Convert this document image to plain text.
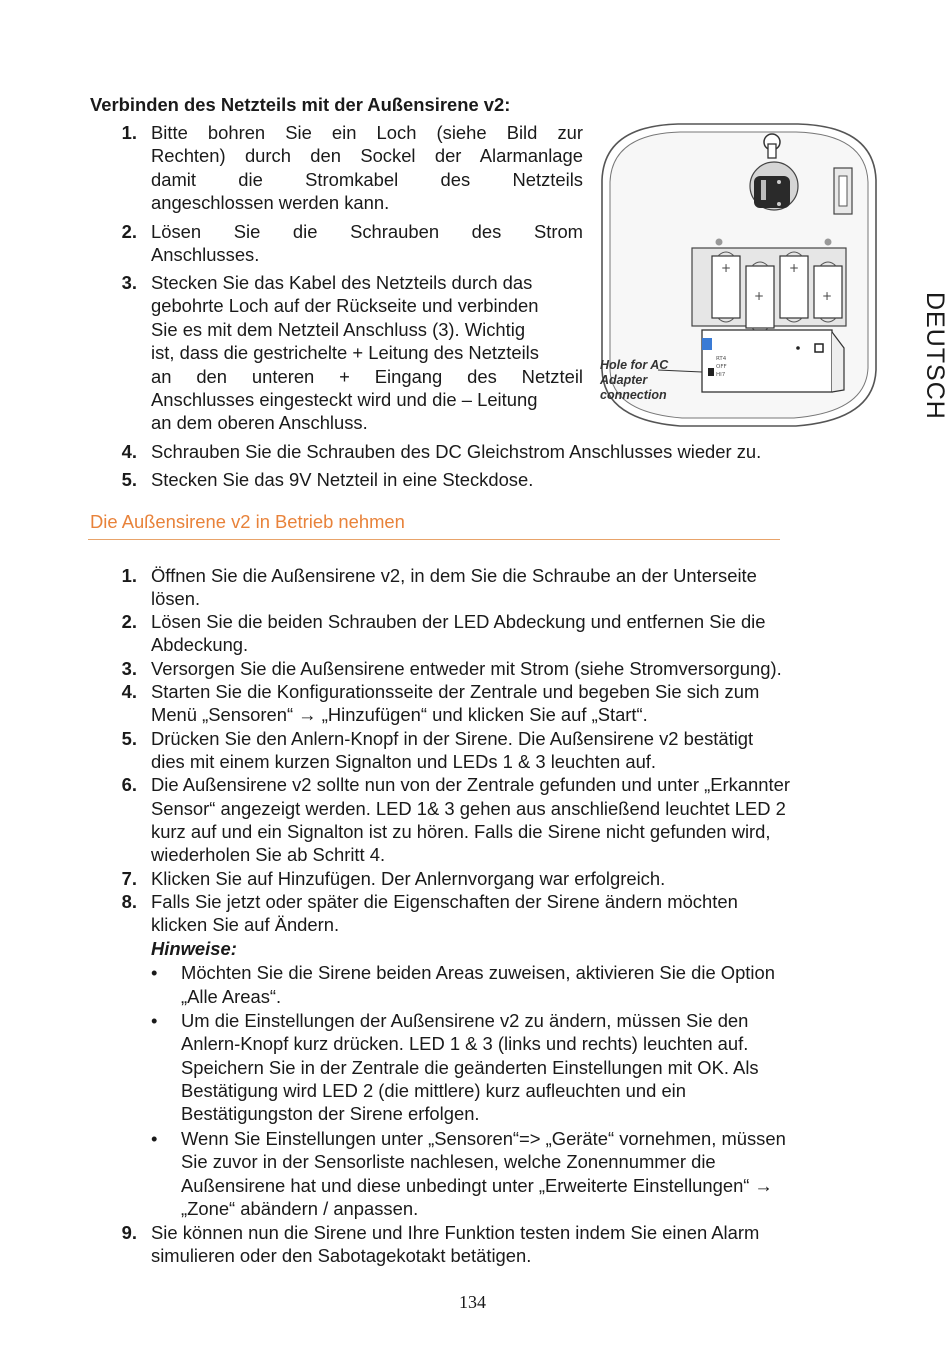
DEUTSCH
Verbinden des Netzteils mit der Außensirene v2:
1. Bitte bohren Sie ein Loch (siehe Bild zur
Rechten) durch den Sockel der Alarmanlage
damit die Stromkabel des Netzteils
angeschlossen werden kann.
2. Lösen Sie die Schrauben des Strom
Anschlusses.
3. Stecken Sie das Kabel des Netzteils durch das
gebohrte Loch auf der Rückseite und verbinden
Sie es mit dem Netzteil Anschluss (3). Wichtig
ist, dass die gestrichelte + Leitung des Netzteils
an den unteren + Eingang des Netzteil
Anschlusses eingesteckt wird und die – Leitung
an dem oberen Anschluss.
4. Schrauben Sie die Schrauben des DC Gleichstrom Anschlusses wieder zu.
5. Stecken Sie das 9V Netzteil in eine Steckdose.
+
+
+
+
RT4
OFF
HI7
Hole for AC
Adapter
connection
Die Außensirene v2 in Betrieb nehmen
1. Öffnen Sie die Außensirene v2, in dem Sie die Schraube an der Unterseite
lösen.
2. Lösen Sie die beiden Schrauben der LED Abdeckung und entfernen Sie die
Abdeckung.
3. Versorgen Sie die Außensirene entweder mit Strom (siehe Stromversorgung).
4. Starten Sie die Konfigurationsseite der Zentrale und begeben Sie sich zum
Menü „Sensoren“ → „Hinzufügen“ und klicken Sie auf „Start“.
5. Drücken Sie den Anlern-Knopf in der Sirene. Die Außensirene v2 bestätigt
dies mit einem kurzen Signalton und LEDs 1 & 3 leuchten auf.
6. Die Außensirene v2 sollte nun von der Zentrale gefunden und unter „Erkannter
Sensor“ angezeigt werden. LED 1& 3 gehen aus anschließend leuchtet LED 2
kurz auf und ein Signalton ist zu hören. Falls die Sirene nicht gefunden wird,
wiederholen Sie ab Schritt 4.
7. Klicken Sie auf Hinzufügen. Der Anlernvorgang war erfolgreich.
8. Falls Sie jetzt oder später die Eigenschaften der Sirene ändern möchten
klicken Sie auf Ändern.
Hinweise:
• Möchten Sie die Sirene beiden Areas zuweisen, aktivieren Sie die Option
„Alle Areas“.
• Um die Einstellungen der Außensirene v2 zu ändern, müssen Sie den
Anlern-Knopf kurz drücken. LED 1 & 3 (links und rechts) leuchten auf.
Speichern Sie in der Zentrale die geänderten Einstellungen mit OK. Als
Bestätigung wird LED 2 (die mittlere) kurz aufleuchten und ein
Bestätigungston der Sirene erfolgen.
• Wenn Sie Einstellungen unter „Sensoren“=> „Geräte“ vornehmen, müssen
Sie zuvor in der Sensorliste nachlesen, welche Zonennummer die
Außensirene hat und diese unbedingt unter „Erweiterte Einstellungen“ →
„Zone“ abändern / anpassen.
9. Sie können nun die Sirene und Ihre Funktion testen indem Sie einen Alarm
simulieren oder den Sabotagekotakt betätigen.
134
